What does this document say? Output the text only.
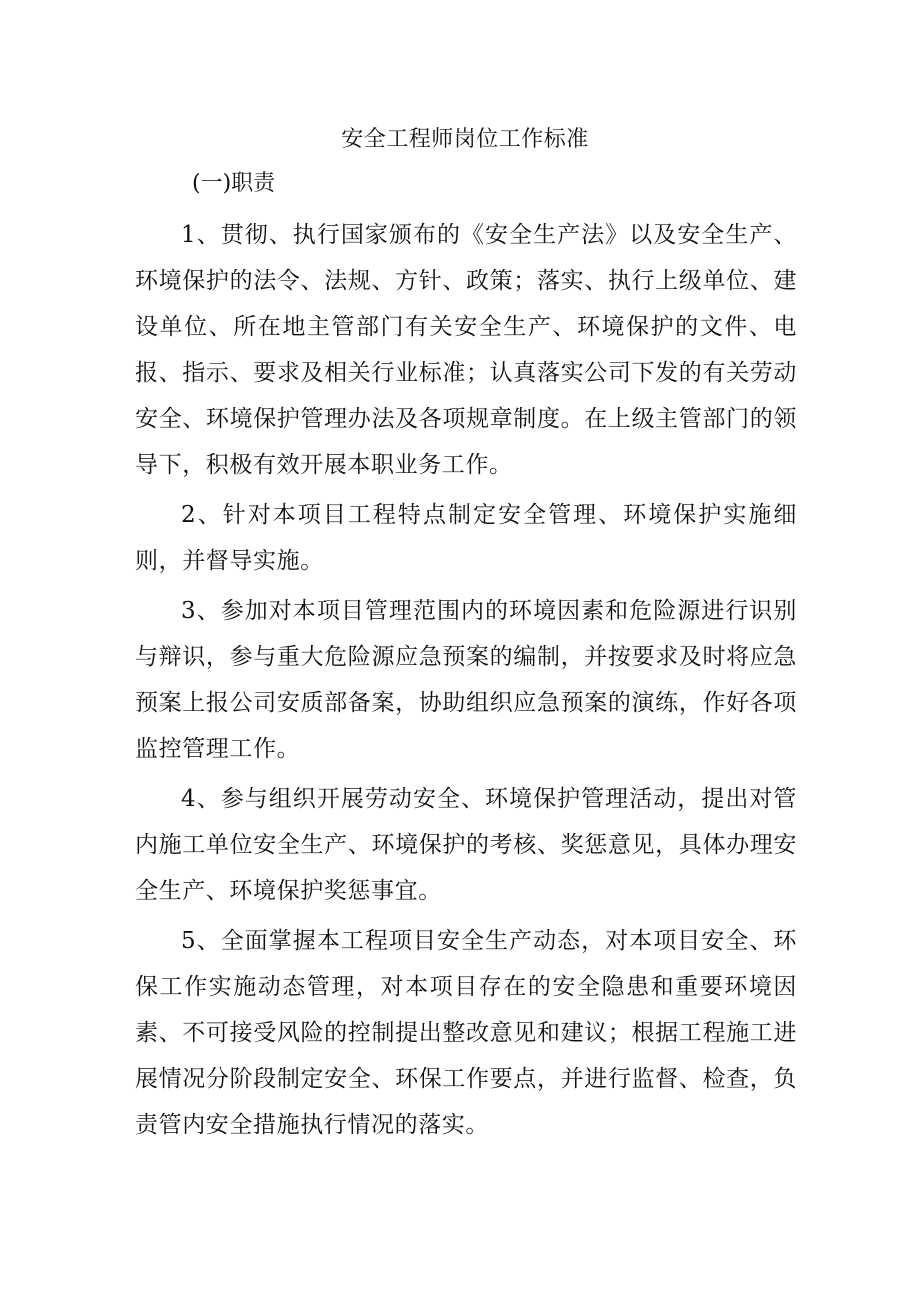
安全工程师岗位工作标准
(一)职责

1、贯彻、执行国家颁布的《安全生产法》以及安全生产、环境保护的法令、法规、方针、政策；落实、执行上级单位、建设单位、所在地主管部门有关安全生产、环境保护的文件、电报、指示、要求及相关行业标准；认真落实公司下发的有关劳动安全、环境保护管理办法及各项规章制度。在上级主管部门的领导下，积极有效开展本职业务工作。

2、针对本项目工程特点制定安全管理、环境保护实施细则，并督导实施。

3、参加对本项目管理范围内的环境因素和危险源进行识别与辩识，参与重大危险源应急预案的编制，并按要求及时将应急预案上报公司安质部备案，协助组织应急预案的演练，作好各项监控管理工作。

4、参与组织开展劳动安全、环境保护管理活动，提出对管内施工单位安全生产、环境保护的考核、奖惩意见，具体办理安全生产、环境保护奖惩事宜。

5、全面掌握本工程项目安全生产动态，对本项目安全、环保工作实施动态管理，对本项目存在的安全隐患和重要环境因素、不可接受风险的控制提出整改意见和建议；根据工程施工进展情况分阶段制定安全、环保工作要点，并进行监督、检查，负责管内安全措施执行情况的落实。
